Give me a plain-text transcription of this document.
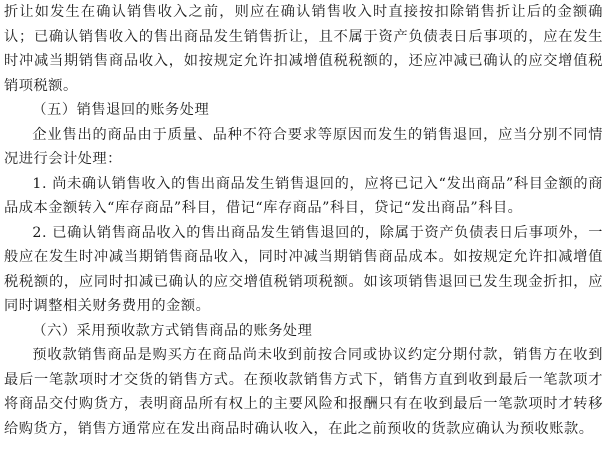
折让如发生在确认销售收入之前，则应在确认销售收入时直接按扣除销售折让后的金额确认；已确认销售收入的售出商品发生销售折让，且不属于资产负债表日后事项的，应在发生时冲减当期销售商品收入，如按规定允许扣减增值税税额的，还应冲减已确认的应交增值税销项税额。

（五）销售退回的账务处理

企业售出的商品由于质量、品种不符合要求等原因而发生的销售退回，应当分别不同情况进行会计处理：

1. 尚未确认销售收入的售出商品发生销售退回的，应将已记入“发出商品”科目金额的商品成本金额转入“库存商品”科目，借记“库存商品”科目，贷记“发出商品”科目。

2. 已确认销售商品收入的售出商品发生销售退回的，除属于资产负债表日后事项外，一般应在发生时冲减当期销售商品收入，同时冲减当期销售商品成本。如按规定允许扣减增值税税额的，应同时扣减已确认的应交增值税销项税额。如该项销售退回已发生现金折扣，应同时调整相关财务费用的金额。

（六）采用预收款方式销售商品的账务处理

预收款销售商品是购买方在商品尚未收到前按合同或协议约定分期付款，销售方在收到最后一笔款项时才交货的销售方式。在预收款销售方式下，销售方直到收到最后一笔款项才将商品交付购货方，表明商品所有权上的主要风险和报酬只有在收到最后一笔款项时才转移给购货方，销售方通常应在发出商品时确认收入，在此之前预收的货款应确认为预收账款。
